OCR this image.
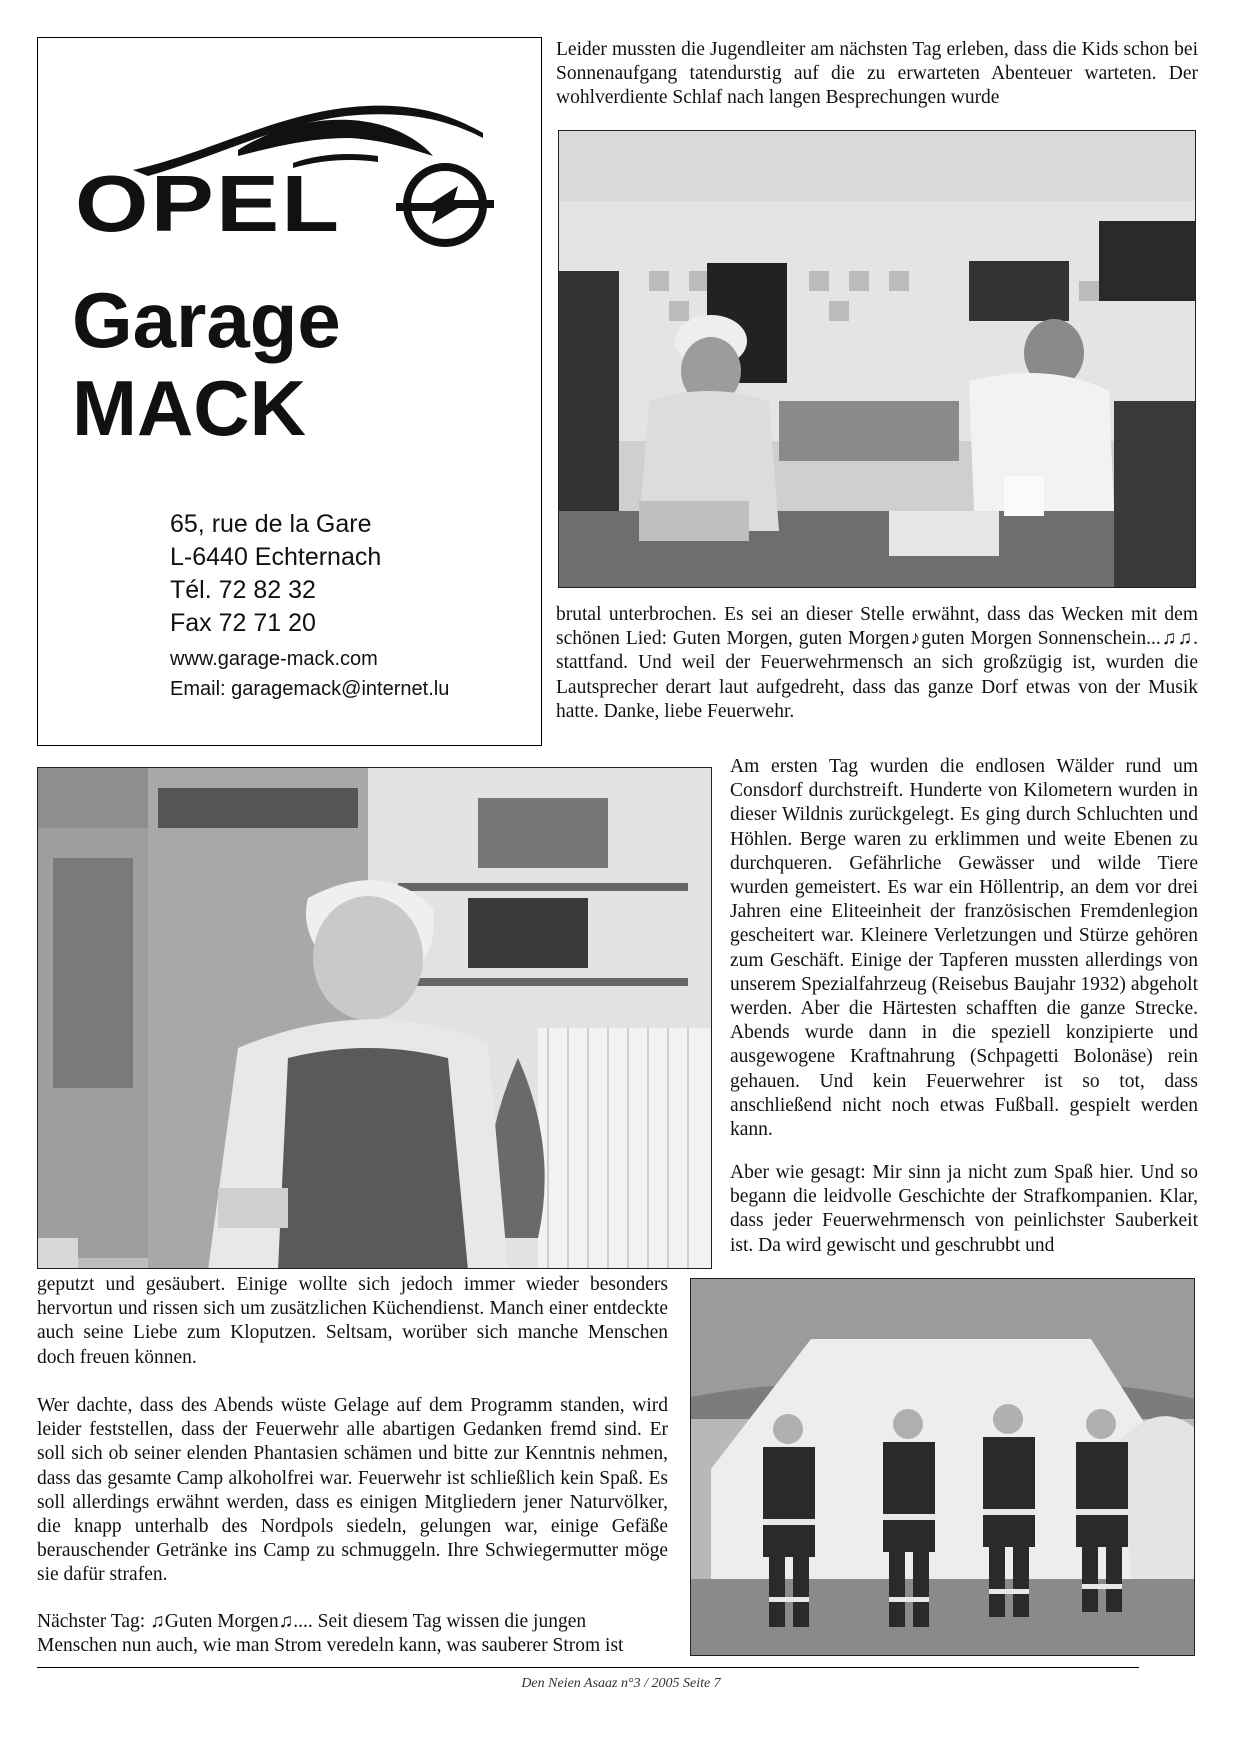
OPEL
Garage
MACK
65, rue de la Gare
L-6440 Echternach
Tél. 72 82 32
Fax 72 71 20
www.garage-mack.com
Email: garagemack@internet.lu

Leider mussten die Jugendleiter am nächsten Tag erleben, dass die Kids schon bei Sonnenaufgang tatendurstig auf die zu erwarteten Abenteuer warteten. Der wohlverdiente Schlaf nach langen Besprechungen wurde

brutal unterbrochen. Es sei an dieser Stelle erwähnt, dass das Wecken mit dem schönen Lied: Guten Morgen, guten Morgen♪guten Morgen Sonnenschein...♫♫. stattfand. Und weil der Feuerwehrmensch an sich großzügig ist, wurden die Lautsprecher derart laut aufgedreht, dass das ganze Dorf etwas von der Musik hatte. Danke, liebe Feuerwehr.

Am ersten Tag wurden die endlosen Wälder rund um Consdorf durchstreift. Hunderte von Kilometern wurden in dieser Wildnis zurückgelegt. Es ging durch Schluchten und Höhlen. Berge waren zu erklimmen und weite Ebenen zu durchqueren. Gefährliche Gewässer und wilde Tiere wurden gemeistert. Es war ein Höllentrip, an dem vor drei Jahren eine Eliteeinheit der französischen Fremdenlegion gescheitert war. Kleinere Verletzungen und Stürze gehören zum Geschäft. Einige der Tapferen mussten allerdings von unserem Spezialfahrzeug (Reisebus Baujahr 1932) abgeholt werden. Aber die Härtesten schafften die ganze Strecke. Abends wurde dann in die speziell konzipierte und ausgewogene Kraftnahrung (Schpagetti Bolonäse) rein gehauen. Und kein Feuerwehrer ist so tot, dass anschließend nicht noch etwas Fußball. gespielt werden kann.

Aber wie gesagt: Mir sinn ja nicht zum Spaß hier. Und so begann die leidvolle Geschichte der Strafkompanien. Klar, dass jeder Feuerwehrmensch von peinlichster Sauberkeit ist. Da wird gewischt und geschrubbt und

geputzt und gesäubert. Einige wollte sich jedoch immer wieder besonders hervortun und rissen sich um zusätzlichen Küchendienst. Manch einer entdeckte auch seine Liebe zum Kloputzen. Seltsam, worüber sich manche Menschen doch freuen können.

Wer dachte, dass des Abends wüste Gelage auf dem Programm standen, wird leider feststellen, dass der Feuerwehr alle abartigen Gedanken fremd sind. Er soll sich ob seiner elenden Phantasien schämen und bitte zur Kenntnis nehmen, dass das gesamte Camp alkoholfrei war. Feuerwehr ist schließlich kein Spaß. Es soll allerdings erwähnt werden, dass es einigen Mitgliedern jener Naturvölker, die knapp unterhalb des Nordpols siedeln, gelungen war, einige Gefäße berauschender Getränke ins Camp zu schmuggeln. Ihre Schwiegermutter möge sie dafür strafen.

Nächster Tag: ♫Guten Morgen♫.... Seit diesem Tag wissen die jungen Menschen nun auch, wie man Strom veredeln kann, was sauberer Strom ist

Den Neien Asaaz n°3 / 2005 Seite 7
